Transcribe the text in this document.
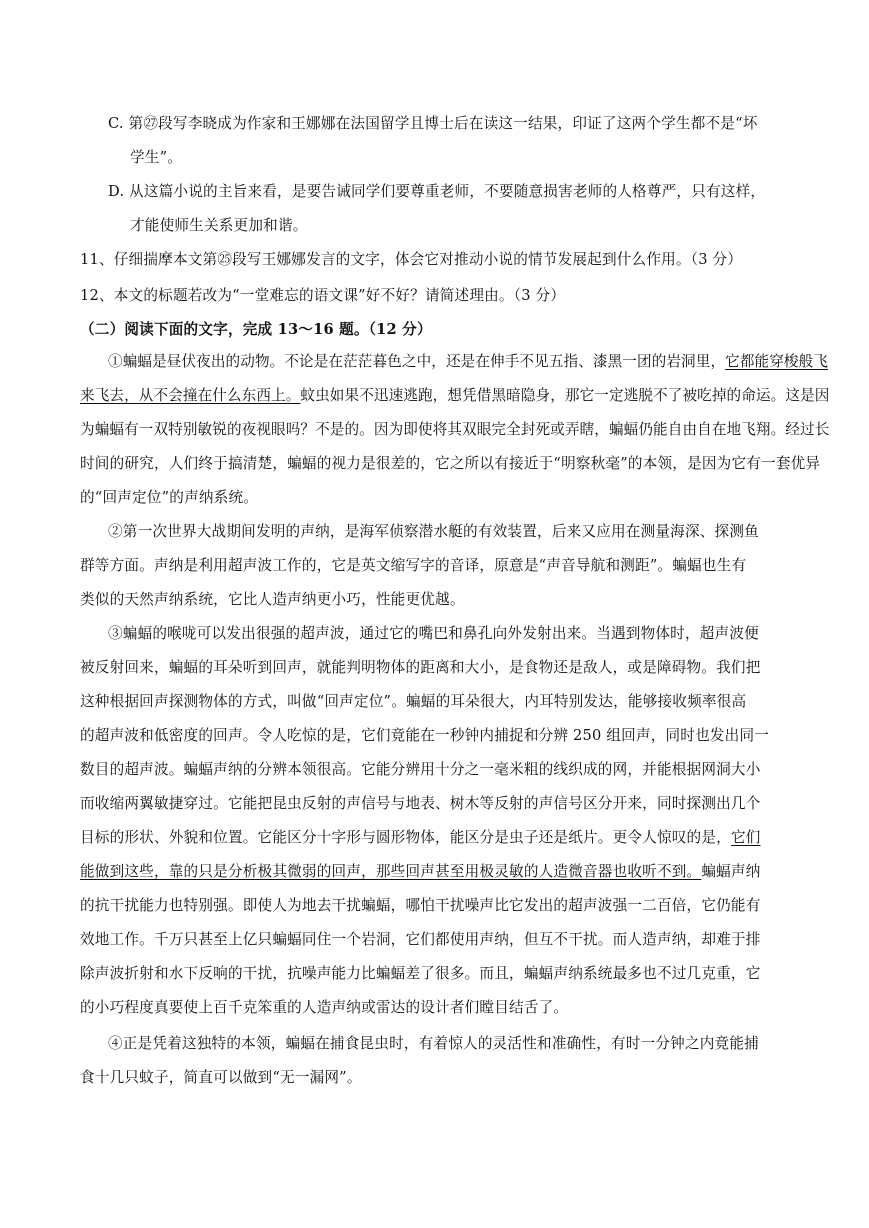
C. 第㉗段写李晓成为作家和王娜娜在法国留学且博士后在读这一结果，印证了这两个学生都不是“坏
学生”。
D. 从这篇小说的主旨来看，是要告诫同学们要尊重老师，不要随意损害老师的人格尊严，只有这样，
才能使师生关系更加和谐。
11、仔细揣摩本文第㉕段写王娜娜发言的文字，体会它对推动小说的情节发展起到什么作用。（3 分）
12、本文的标题若改为“一堂难忘的语文课”好不好？请简述理由。（3 分）
（二）阅读下面的文字，完成 13～16 题。（12 分）
①蝙蝠是昼伏夜出的动物。不论是在茫茫暮色之中，还是在伸手不见五指、漆黑一团的岩洞里，它都能穿梭般飞
来飞去，从不会撞在什么东西上。蚊虫如果不迅速逃跑，想凭借黑暗隐身，那它一定逃脱不了被吃掉的命运。这是因
为蝙蝠有一双特别敏锐的夜视眼吗？不是的。因为即使将其双眼完全封死或弄瞎，蝙蝠仍能自由自在地飞翔。经过长
时间的研究，人们终于搞清楚，蝙蝠的视力是很差的，它之所以有接近于“明察秋毫”的本领，是因为它有一套优异
的“回声定位”的声纳系统。
②第一次世界大战期间发明的声纳，是海军侦察潜水艇的有效装置，后来又应用在测量海深、探测鱼
群等方面。声纳是利用超声波工作的，它是英文缩写字的音译，原意是“声音导航和测距”。蝙蝠也生有
类似的天然声纳系统，它比人造声纳更小巧，性能更优越。
③蝙蝠的喉咙可以发出很强的超声波，通过它的嘴巴和鼻孔向外发射出来。当遇到物体时，超声波便
被反射回来，蝙蝠的耳朵听到回声，就能判明物体的距离和大小，是食物还是敌人，或是障碍物。我们把
这种根据回声探测物体的方式，叫做“回声定位”。蝙蝠的耳朵很大，内耳特别发达，能够接收频率很高
的超声波和低密度的回声。令人吃惊的是，它们竟能在一秒钟内捕捉和分辨 250 组回声，同时也发出同一
数目的超声波。蝙蝠声纳的分辨本领很高。它能分辨用十分之一毫米粗的线织成的网，并能根据网洞大小
而收缩两翼敏捷穿过。它能把昆虫反射的声信号与地表、树木等反射的声信号区分开来，同时探测出几个
目标的形状、外貌和位置。它能区分十字形与圆形物体，能区分是虫子还是纸片。更令人惊叹的是，它们
能做到这些，靠的只是分析极其微弱的回声，那些回声甚至用极灵敏的人造微音器也收听不到。蝙蝠声纳
的抗干扰能力也特别强。即使人为地去干扰蝙蝠，哪怕干扰噪声比它发出的超声波强一二百倍，它仍能有
效地工作。千万只甚至上亿只蝙蝠同住一个岩洞，它们都使用声纳，但互不干扰。而人造声纳，却难于排
除声波折射和水下反响的干扰，抗噪声能力比蝙蝠差了很多。而且，蝙蝠声纳系统最多也不过几克重，它
的小巧程度真要使上百千克笨重的人造声纳或雷达的设计者们瞠目结舌了。
④正是凭着这独特的本领，蝙蝠在捕食昆虫时，有着惊人的灵活性和准确性，有时一分钟之内竟能捕
食十几只蚊子，简直可以做到“无一漏网”。
